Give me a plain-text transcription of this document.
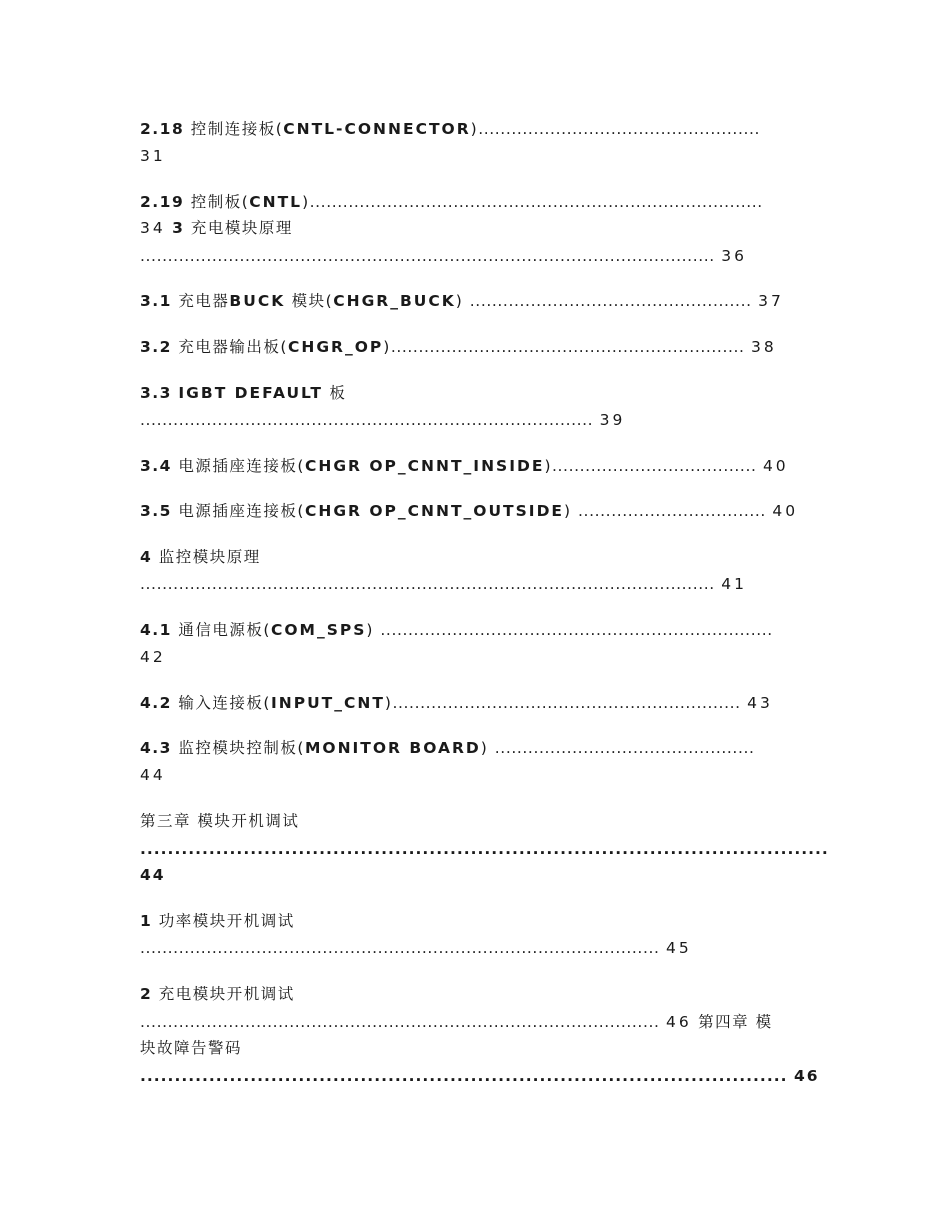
2.18 控制连接板(CNTL-CONNECTOR)...................................................
31
2.19 控制板(CNTL)..................................................................................
34 3 充电模块原理
........................................................................................................ 36
3.1 充电器BUCK 模块(CHGR_BUCK) ................................................... 37
3.2 充电器输出板(CHGR_OP)................................................................ 38
3.3 IGBT DEFAULT 板
.................................................................................. 39
3.4 电源插座连接板(CHGR OP_CNNT_INSIDE)..................................... 40
3.5 电源插座连接板(CHGR OP_CNNT_OUTSIDE) .................................. 40
4 监控模块原理
........................................................................................................ 41
4.1 通信电源板(COM_SPS) .......................................................................
42
4.2 输入连接板(INPUT_CNT)............................................................... 43
4.3 监控模块控制板(MONITOR BOARD) ...............................................
44
第三章 模块开机调试
....................................................................................................
44
1 功率模块开机调试
.............................................................................................. 45
2 充电模块开机调试
.............................................................................................. 46 第四章 模
块故障告警码
.............................................................................................. 46
